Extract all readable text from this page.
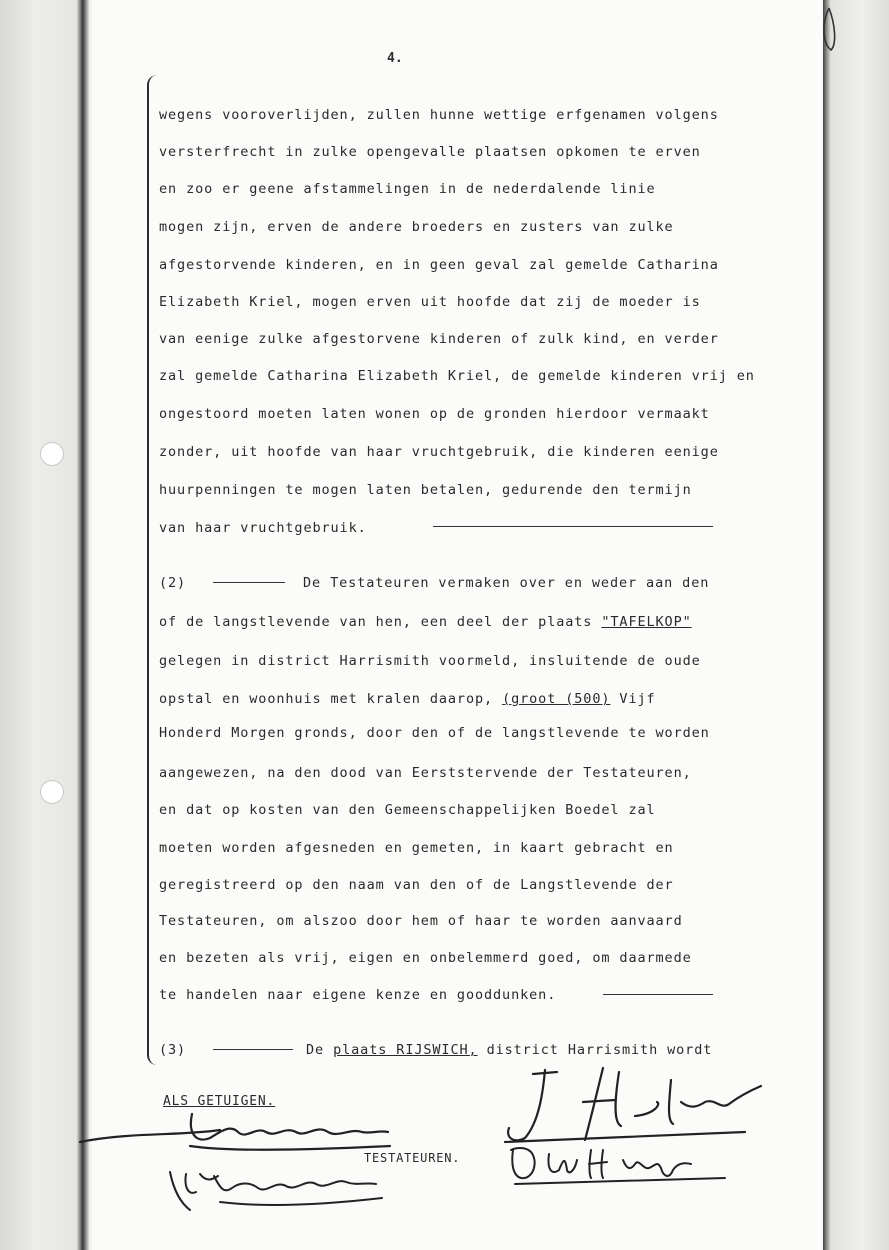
4.
wegens vooroverlijden, zullen hunne wettige erfgenamen volgens
versterfrecht in zulke opengevalle plaatsen opkomen te erven
en zoo er geene afstammelingen in de nederdalende linie
mogen zijn, erven de andere broeders en zusters van zulke
afgestorvende kinderen, en in geen geval zal gemelde Catharina
Elizabeth Kriel, mogen erven uit hoofde dat zij de moeder is
van eenige zulke afgestorvene kinderen of zulk kind, en verder
zal gemelde Catharina Elizabeth Kriel, de gemelde kinderen vrij en
ongestoord moeten laten wonen op de gronden hierdoor vermaakt
zonder, uit hoofde van haar vruchtgebruik, die kinderen eenige
huurpenningen te mogen laten betalen, gedurende den termijn
van haar vruchtgebruik.
(2)	De Testateuren vermaken over en weder aan den
of de langstlevende van hen, een deel der plaats "TAFELKOP"
gelegen in district Harrismith voormeld, insluitende de oude
opstal en woonhuis met kralen daarop, (groot (500) Vijf
Honderd Morgen gronds, door den of de langstlevende te worden
aangewezen, na den dood van Eerststervende der Testateuren,
en dat op kosten van den Gemeenschappelijken Boedel zal
moeten worden afgesneden en gemeten, in kaart gebracht en
geregistreerd op den naam van den of de Langstlevende der
Testateuren, om alszoo door hem of haar te worden aanvaard
en bezeten als vrij, eigen en onbelemmerd goed, om daarmede
te handelen naar eigene kenze en gooddunken.
(3)	De plaats RIJSWICH, district Harrismith wordt
ALS GETUIGEN.
TESTATEUREN.
